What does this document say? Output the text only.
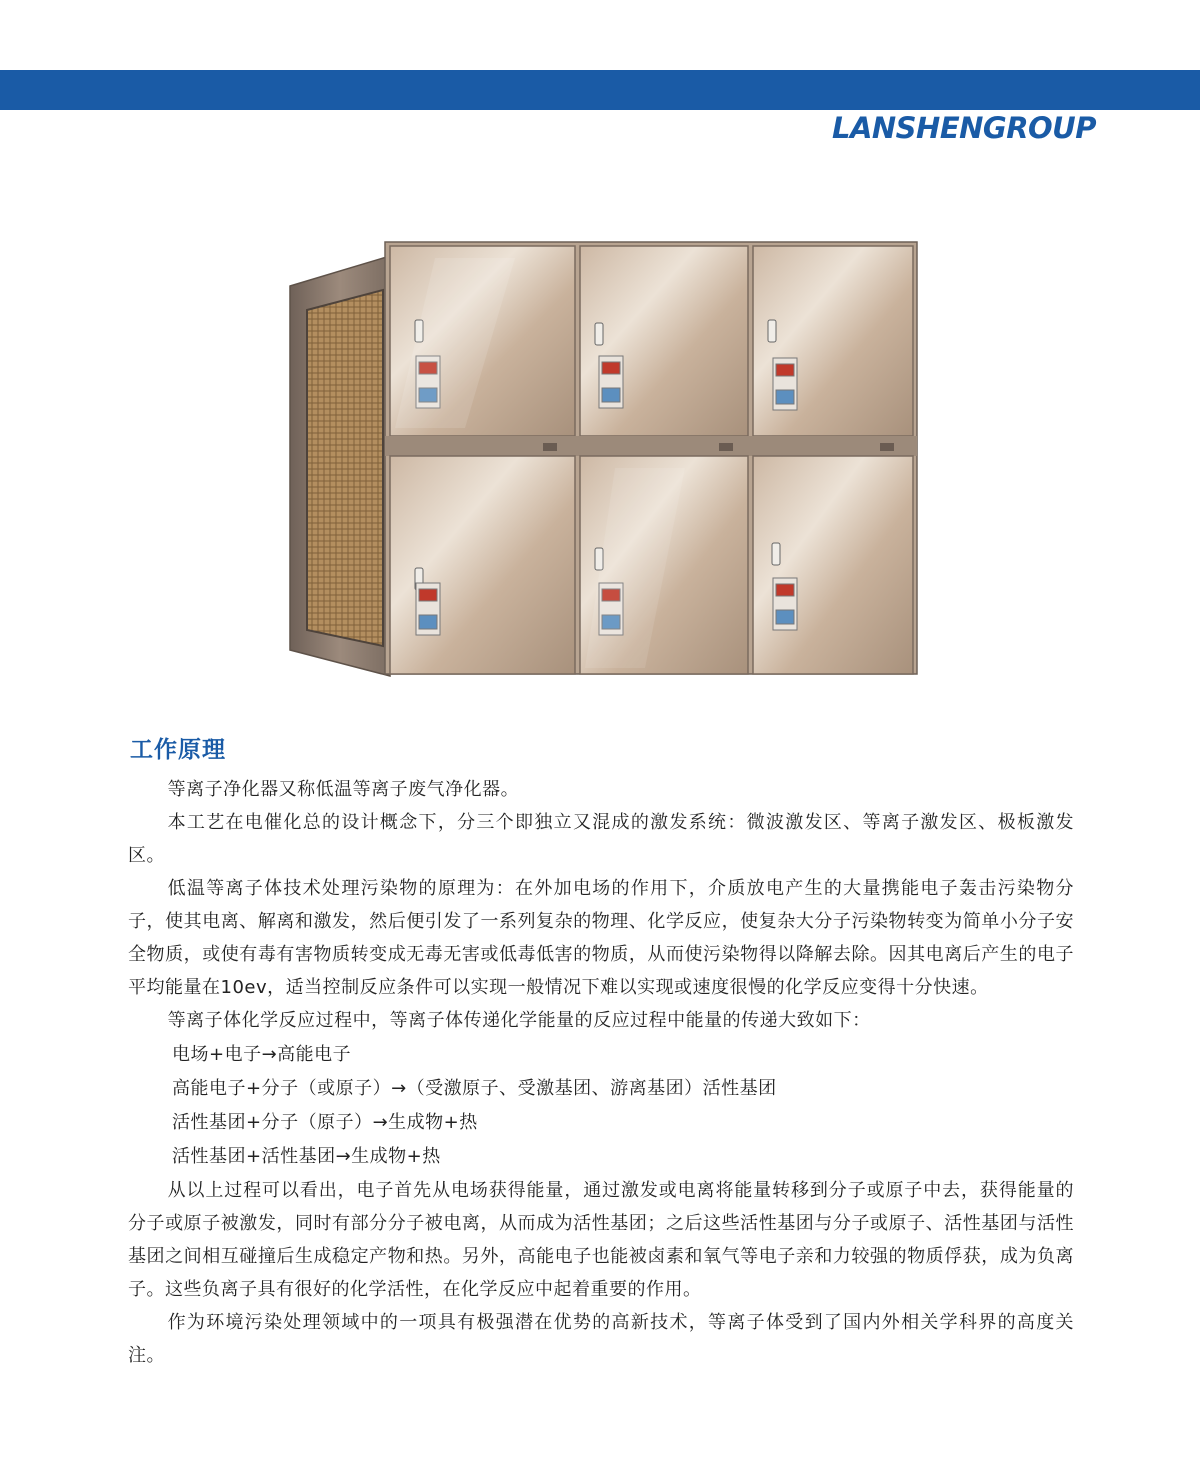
LANSHENGROUP
工作原理

等离子净化器又称低温等离子废气净化器。

本工艺在电催化总的设计概念下，分三个即独立又混成的激发系统：微波激发区、等离子激发区、极板激发区。

低温等离子体技术处理污染物的原理为：在外加电场的作用下，介质放电产生的大量携能电子轰击污染物分子，使其电离、解离和激发，然后便引发了一系列复杂的物理、化学反应，使复杂大分子污染物转变为简单小分子安全物质，或使有毒有害物质转变成无毒无害或低毒低害的物质，从而使污染物得以降解去除。因其电离后产生的电子平均能量在10ev，适当控制反应条件可以实现一般情况下难以实现或速度很慢的化学反应变得十分快速。

等离子体化学反应过程中，等离子体传递化学能量的反应过程中能量的传递大致如下：

电场+电子→高能电子

高能电子+分子（或原子）→（受激原子、受激基团、游离基团）活性基团

活性基团+分子（原子）→生成物+热

活性基团+活性基团→生成物+热

从以上过程可以看出，电子首先从电场获得能量，通过激发或电离将能量转移到分子或原子中去，获得能量的分子或原子被激发，同时有部分分子被电离，从而成为活性基团；之后这些活性基团与分子或原子、活性基团与活性基团之间相互碰撞后生成稳定产物和热。另外，高能电子也能被卤素和氧气等电子亲和力较强的物质俘获，成为负离子。这些负离子具有很好的化学活性，在化学反应中起着重要的作用。

作为环境污染处理领域中的一项具有极强潜在优势的高新技术，等离子体受到了国内外相关学科界的高度关注。
